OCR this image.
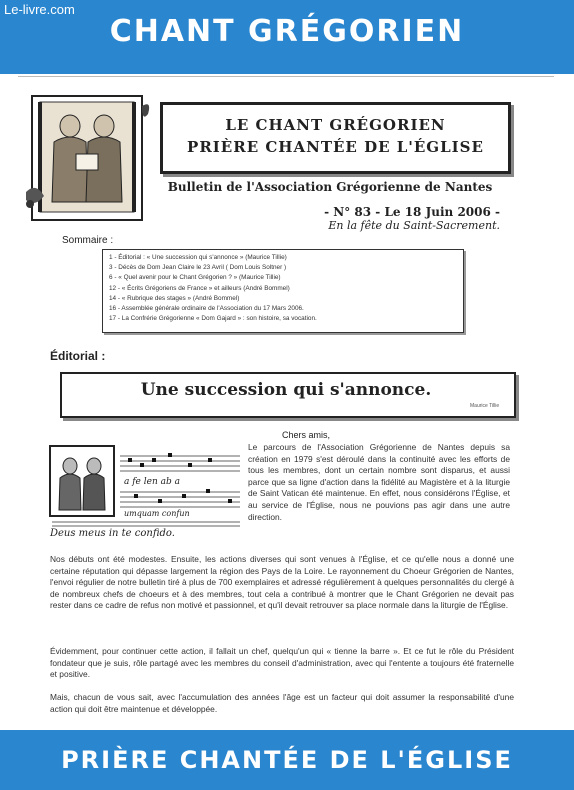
Le-livre.com
CHANT GRÉGORIEN
LE CHANT GRÉGORIEN
PRIÈRE CHANTÉE DE L'ÉGLISE
Bulletin de l'Association Grégorienne de Nantes
- N° 83 - Le 18 Juin 2006 -
En la fête du Saint-Sacrement.
Sommaire :
1 - Éditorial : « Une succession qui s'annonce » (Maurice Tillie)
3 - Décès de Dom Jean Claire le 23 Avril ( Dom Louis Soltner )
6 - « Quel avenir pour le Chant Grégorien ? » (Maurice Tillie)
12 - « Écrits Grégoriens de France » et ailleurs (André Bommel)
14 - « Rubrique des stages » (André Bommel)
16 - Assemblée générale ordinaire de l'Association du 17 Mars 2006.
17 - La Confrérie Grégorienne « Dom Gajard » : son histoire, sa vocation.
Éditorial :
Une succession qui s'annonce.
Maurice Tillie
a fe len ab a
umquam confun
Deus meus in te confido.
Chers amis,
Le parcours de l'Association Grégorienne de Nantes depuis sa création en 1979 s'est déroulé dans la continuité avec les efforts de tous les membres, dont un certain nombre sont disparus, et aussi parce que sa ligne d'action dans la fidélité au Magistère et à la liturgie de Saint Vatican été maintenue. En effet, nous considérons l'Église, et au service de l'Église, nous ne pouvions pas agir dans une autre direction.
Nos débuts ont été modestes. Ensuite, les actions diverses qui sont venues à l'Église, et ce qu'elle nous a donné une certaine réputation qui dépasse largement la région des Pays de la Loire. Le rayonnement du Choeur Grégorien de Nantes, l'envoi régulier de notre bulletin tiré à plus de 700 exemplaires et adressé régulièrement à quelques personnalités du clergé à de nombreux chefs de choeurs et à des membres, tout cela a contribué à montrer que le Chant Grégorien ne devait pas rester dans ce cadre de refus non motivé et passionnel, et qu'il devait retrouver sa place normale dans la liturgie de l'Église.
Évidemment, pour continuer cette action, il fallait un chef, quelqu'un qui « tienne la barre ». Et ce fut le rôle du Président fondateur que je suis, rôle partagé avec les membres du conseil d'administration, avec qui l'entente a toujours été fraternelle et positive.
Mais, chacun de vous sait, avec l'accumulation des années l'âge est un facteur qui doit assumer la responsabilité d'une action qui doit être maintenue et développée.
PRIÈRE CHANTÉE DE L'ÉGLISE
